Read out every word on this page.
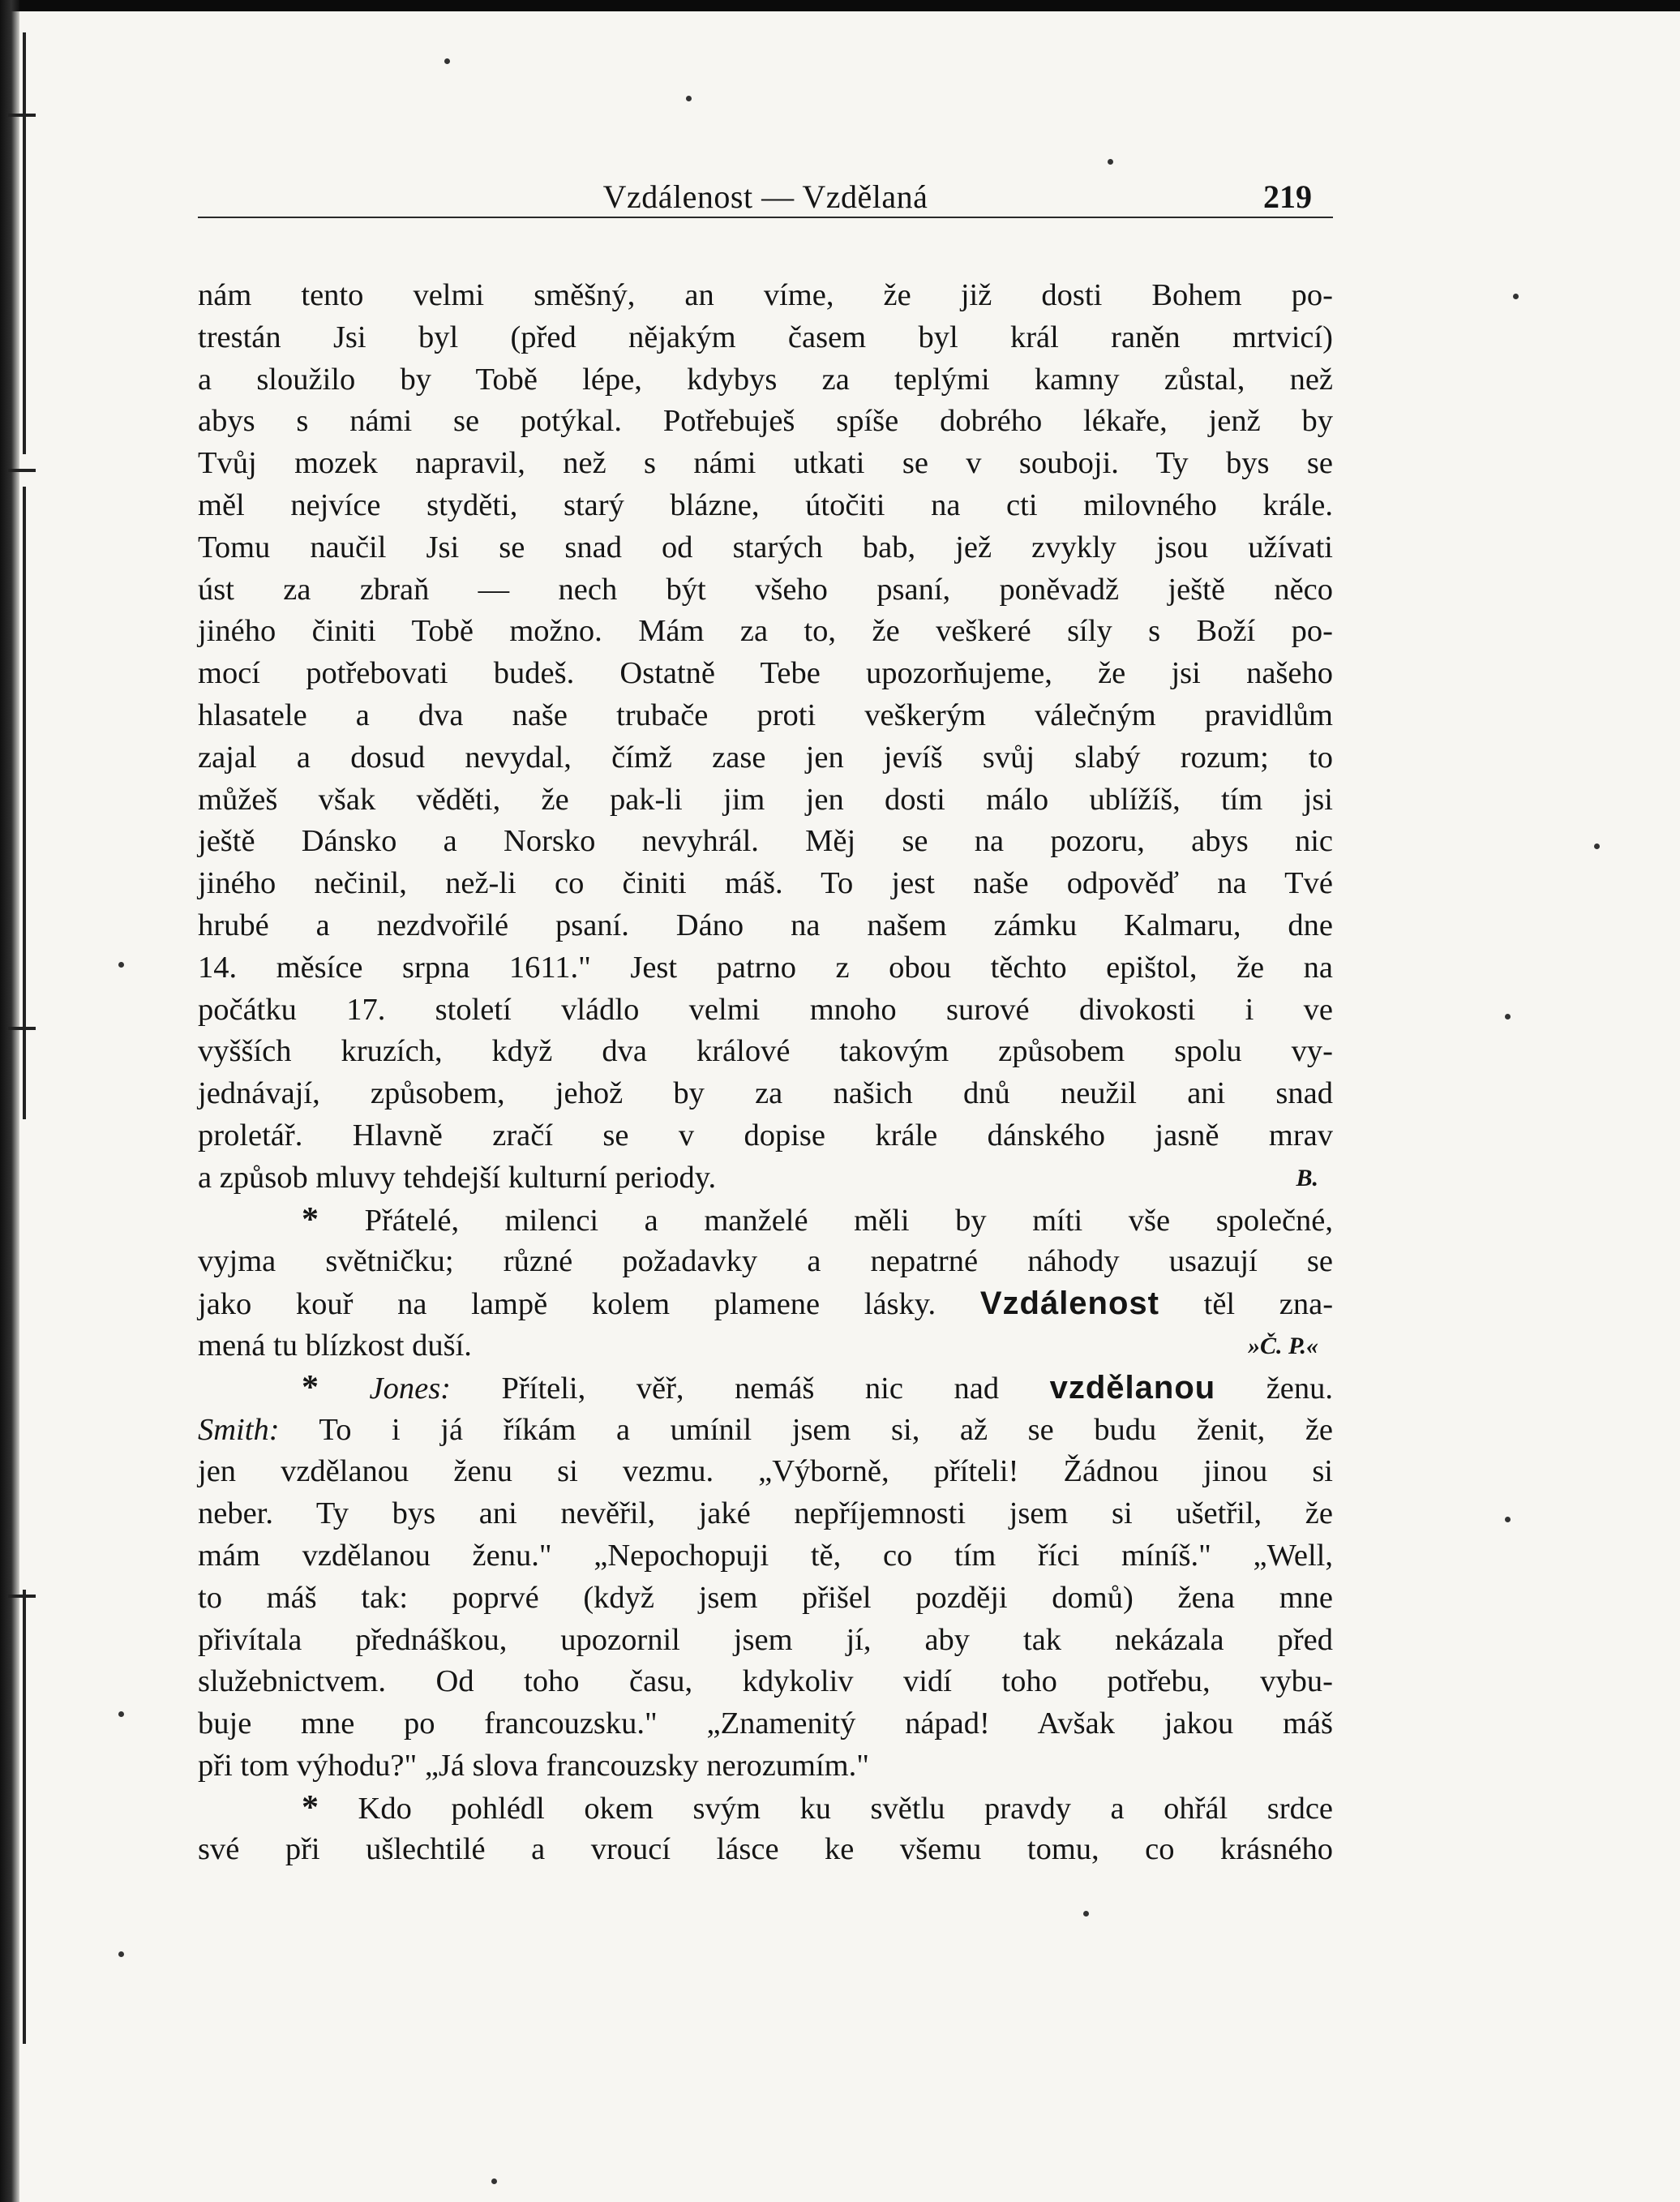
Vzdálenost — Vzdělaná	219
nám tento velmi směšný, an víme, že již dosti Bohem po-
trestán Jsi byl (před nějakým časem byl král raněn mrtvicí)
a sloužilo by Tobě lépe, kdybys za teplými kamny zůstal, než
abys s námi se potýkal. Potřebuješ spíše dobrého lékaře, jenž by
Tvůj mozek napravil, než s námi utkati se v souboji. Ty bys se
měl nejvíce styděti, starý blázne, útočiti na cti milovného krále.
Tomu naučil Jsi se snad od starých bab, jež zvykly jsou užívati
úst za zbraň — nech být všeho psaní, poněvadž ještě něco
jiného činiti Tobě možno. Mám za to, že veškeré síly s Boží po-
mocí potřebovati budeš. Ostatně Tebe upozorňujeme, že jsi našeho
hlasatele a dva naše trubače proti veškerým válečným pravidlům
zajal a dosud nevydal, čímž zase jen jevíš svůj slabý rozum; to
můžeš však věděti, že pak-li jim jen dosti málo ublížíš, tím jsi
ještě Dánsko a Norsko nevyhrál. Měj se na pozoru, abys nic
jiného nečinil, než-li co činiti máš. To jest naše odpověď na Tvé
hrubé a nezdvořilé psaní. Dáno na našem zámku Kalmaru, dne
14. měsíce srpna 1611." Jest patrno z obou těchto epištol, že na
počátku 17. století vládlo velmi mnoho surové divokosti i ve
vyšších kruzích, když dva králové takovým způsobem spolu vy-
jednávají, způsobem, jehož by za našich dnů neužil ani snad
proletář. Hlavně zračí se v dopise krále dánského jasně mrav
a způsob mluvy tehdejší kulturní periody.	B.
* Přátelé, milenci a manželé měli by míti vše společné,
vyjma světničku; různé požadavky a nepatrné náhody usazují se
jako kouř na lampě kolem plamene lásky. Vzdálenost těl zna-
mená tu blízkost duší.	»Č. P.«
* Jones: Příteli, věř, nemáš nic nad vzdělanou ženu.
Smith: To i já říkám a umínil jsem si, až se budu ženit, že
jen vzdělanou ženu si vezmu. „Výborně, příteli! Žádnou jinou si
neber. Ty bys ani nevěřil, jaké nepříjemnosti jsem si ušetřil, že
mám vzdělanou ženu." „Nepochopuji tě, co tím říci míníš." „Well,
to máš tak: poprvé (když jsem přišel později domů) žena mne
přivítala přednáškou, upozornil jsem jí, aby tak nekázala před
služebnictvem. Od toho času, kdykoliv vidí toho potřebu, vybu-
buje mne po francouzsku." „Znamenitý nápad! Avšak jakou máš
při tom výhodu?" „Já slova francouzsky nerozumím."
* Kdo pohlédl okem svým ku světlu pravdy a ohřál srdce
své při ušlechtilé a vroucí lásce ke všemu tomu, co krásného
